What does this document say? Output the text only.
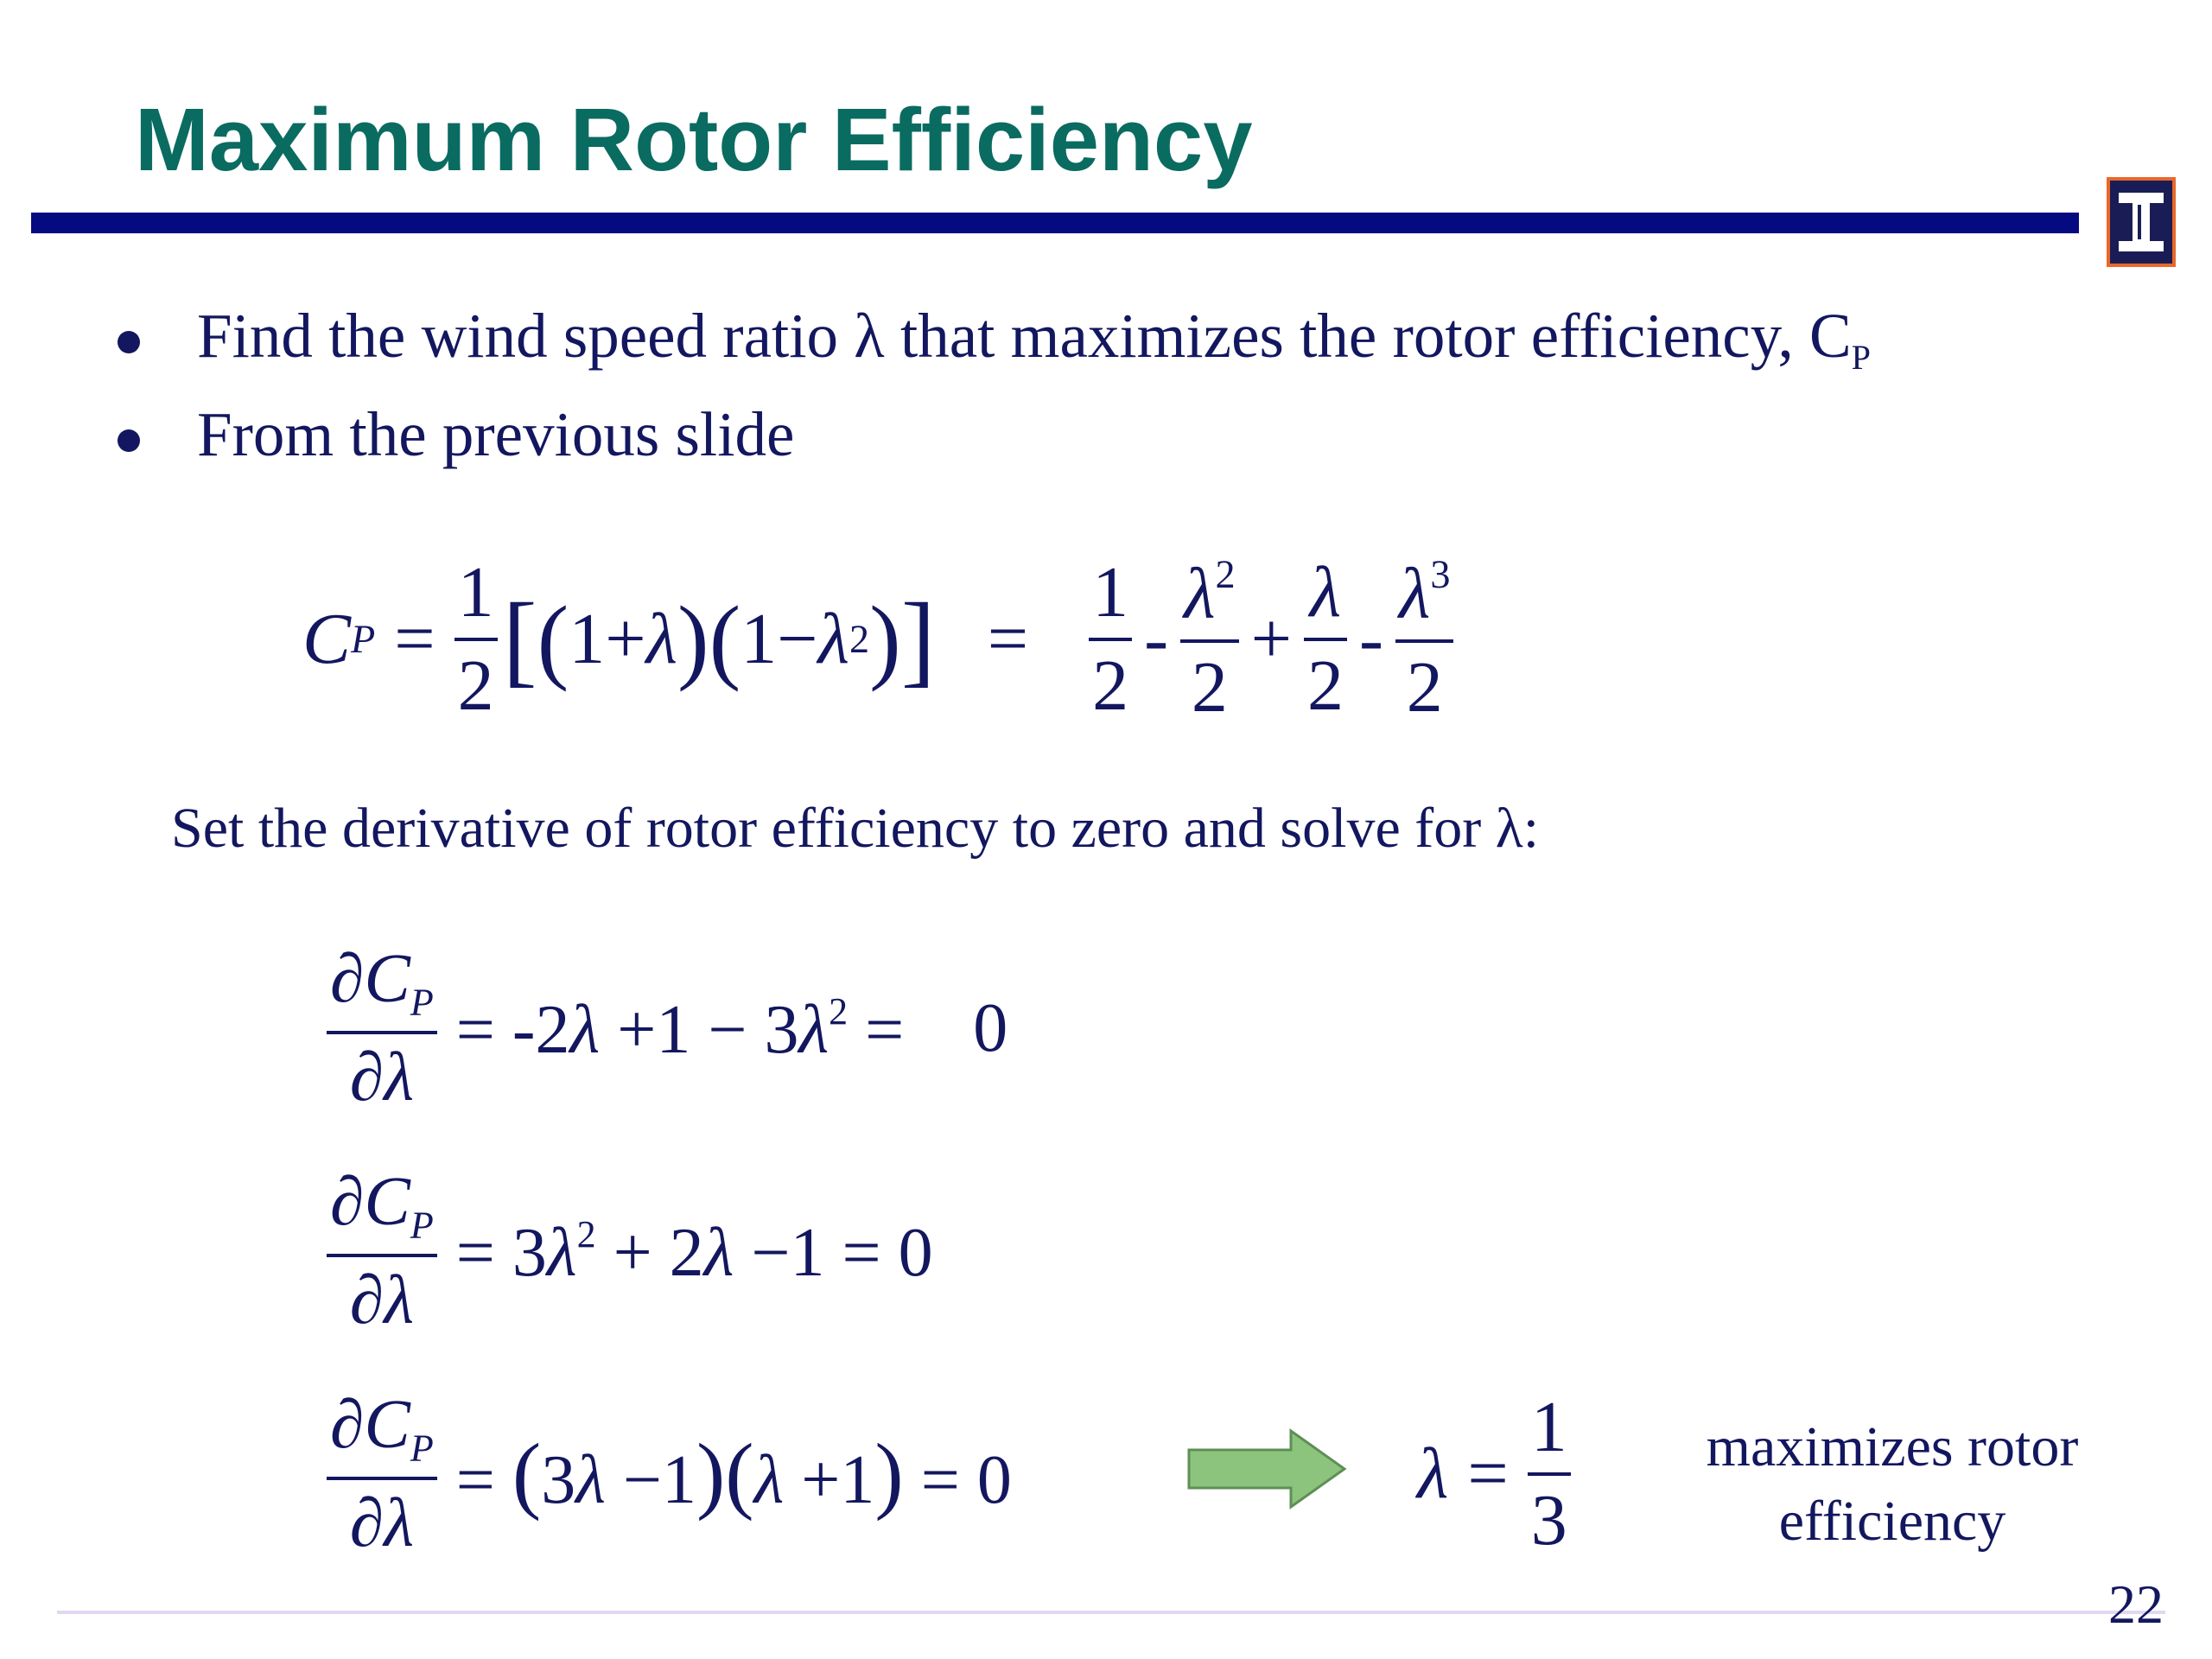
Maximum Rotor Efficiency
Find the wind speed ratio λ that maximizes the rotor efficiency, $C_P$
From the previous slide
C $P = \frac{1}{2}$ [ ( 1+ λ ) ( 1− λ 2 ) ] = $\frac{1}{2} - \frac{\lambda^2}{2} + \frac{\lambda}{2} - \frac{\lambda^3}{2}$
Set the derivative of rotor efficiency to zero and solve for λ:
$\frac{\partial C_P}{\partial\lambda} = -2\lambda +1 - 3\lambda^2 = 0$
$\frac{\partial C_P}{\partial\lambda} = 3\lambda^2 + 2\lambda -1 = 0$
$\frac{\partial C_P}{\partial\lambda} = (3\lambda -1)(\lambda +1) = 0$	$\lambda = \frac{1}{3}$	maximizes rotor
efficiency
22
